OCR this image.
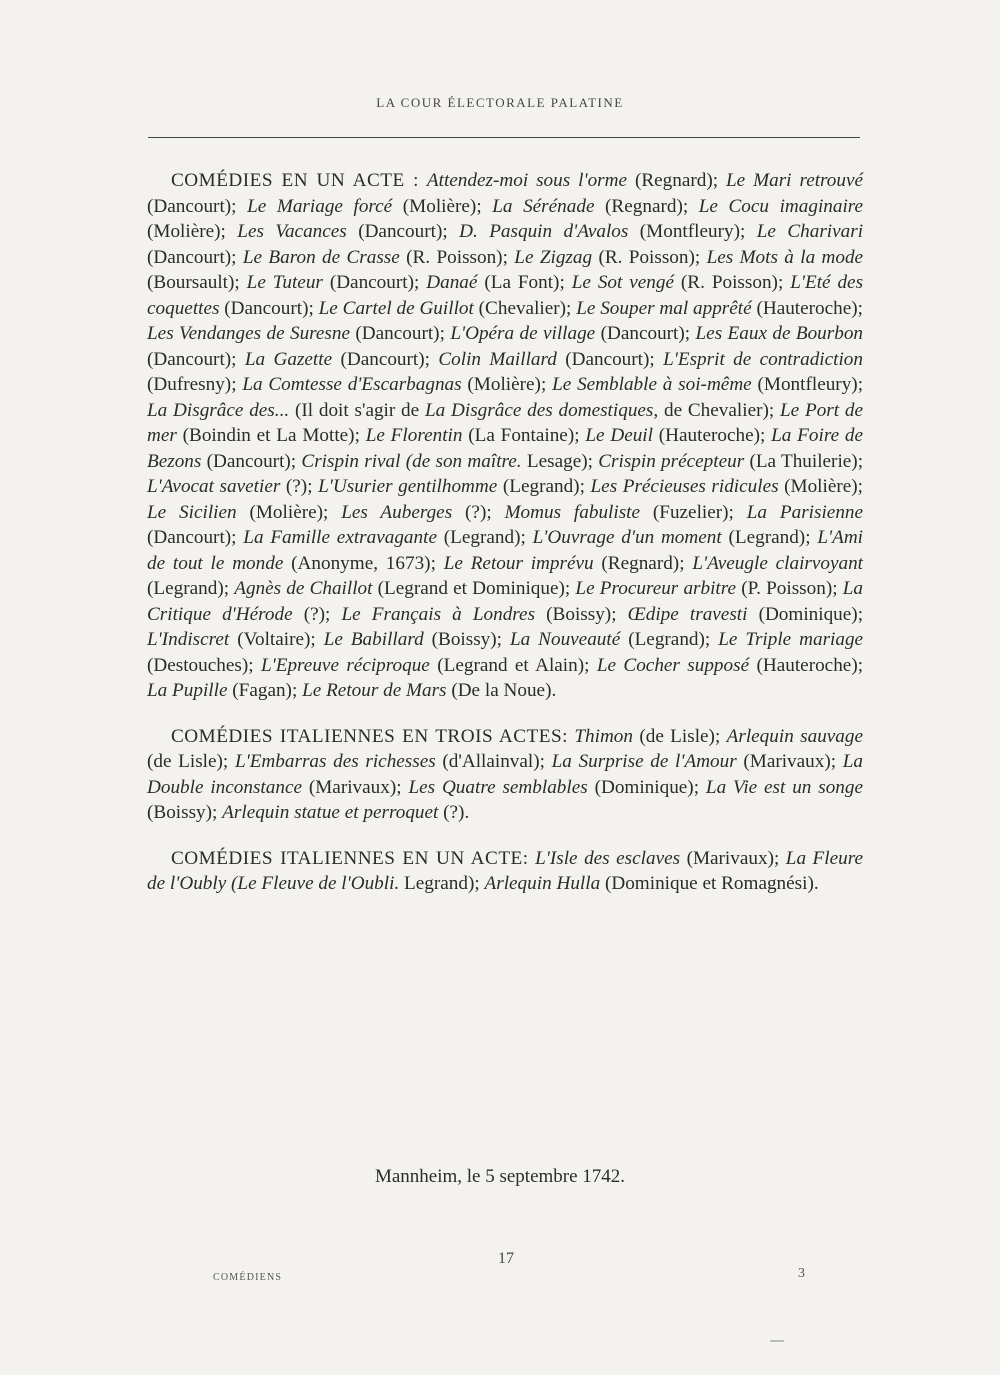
LA COUR ÉLECTORALE PALATINE

COMÉDIES EN UN ACTE : Attendez-moi sous l'orme (Regnard); Le Mari retrouvé (Dancourt); Le Mariage forcé (Molière); La Sérénade (Regnard); Le Cocu imaginaire (Molière); Les Vacances (Dancourt); D. Pasquin d'Avalos (Montfleury); Le Charivari (Dancourt); Le Baron de Crasse (R. Poisson); Le Zigzag (R. Poisson); Les Mots à la mode (Boursault); Le Tuteur (Dancourt); Danaé (La Font); Le Sot vengé (R. Poisson); L'Eté des coquettes (Dancourt); Le Cartel de Guillot (Chevalier); Le Souper mal apprêté (Hauteroche); Les Vendanges de Suresne (Dancourt); L'Opéra de village (Dancourt); Les Eaux de Bourbon (Dancourt); La Gazette (Dancourt); Colin Maillard (Dancourt); L'Esprit de contradiction (Dufresny); La Comtesse d'Escarbagnas (Molière); Le Semblable à soi-même (Montfleury); La Disgrâce des... (Il doit s'agir de La Disgrâce des domestiques, de Chevalier); Le Port de mer (Boindin et La Motte); Le Florentin (La Fontaine); Le Deuil (Hauteroche); La Foire de Bezons (Dancourt); Crispin rival (de son maître. Lesage); Crispin précepteur (La Thuilerie); L'Avocat savetier (?); L'Usurier gentilhomme (Legrand); Les Précieuses ridicules (Molière); Le Sicilien (Molière); Les Auberges (?); Momus fabuliste (Fuzelier); La Parisienne (Dancourt); La Famille extravagante (Legrand); L'Ouvrage d'un moment (Legrand); L'Ami de tout le monde (Anonyme, 1673); Le Retour imprévu (Regnard); L'Aveugle clairvoyant (Legrand); Agnès de Chaillot (Legrand et Dominique); Le Procureur arbitre (P. Poisson); La Critique d'Hérode (?); Le Français à Londres (Boissy); Œdipe travesti (Dominique); L'Indiscret (Voltaire); Le Babillard (Boissy); La Nouveauté (Legrand); Le Triple mariage (Destouches); L'Epreuve réciproque (Legrand et Alain); Le Cocher supposé (Hauteroche); La Pupille (Fagan); Le Retour de Mars (De la Noue).

COMÉDIES ITALIENNES EN TROIS ACTES: Thimon (de Lisle); Arlequin sauvage (de Lisle); L'Embarras des richesses (d'Allainval); La Surprise de l'Amour (Marivaux); La Double inconstance (Marivaux); Les Quatre semblables (Dominique); La Vie est un songe (Boissy); Arlequin statue et perroquet (?).

COMÉDIES ITALIENNES EN UN ACTE: L'Isle des esclaves (Marivaux); La Fleure de l'Oubly (Le Fleuve de l'Oubli. Legrand); Arlequin Hulla (Dominique et Romagnési).

Mannheim, le 5 septembre 1742.
17
COMÉDIENS	3
